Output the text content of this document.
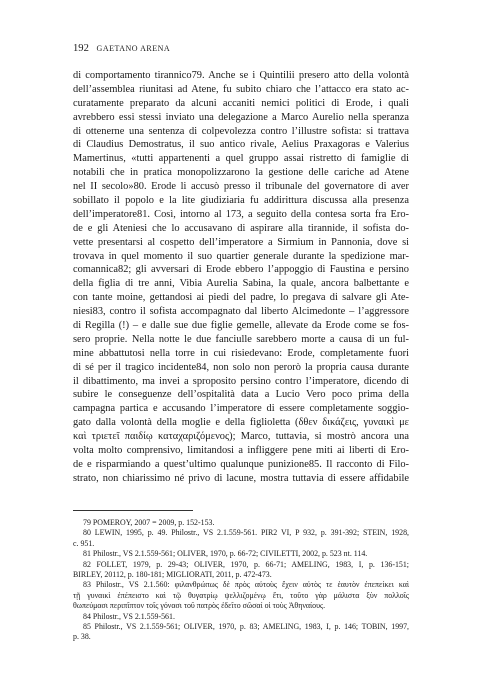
192 GAETANO ARENA
di comportamento tirannico79. Anche se i Quintilii presero atto della volontà
dell’assemblea riunitasi ad Atene, fu subito chiaro che l’attacco era stato ac-
curatamente preparato da alcuni accaniti nemici politici di Erode, i quali
avrebbero essi stessi inviato una delegazione a Marco Aurelio nella speranza
di ottenerne una sentenza di colpevolezza contro l’illustre sofista: si trattava
di Claudius Demostratus, il suo antico rivale, Aelius Praxagoras e Valerius
Mamertinus, «tutti appartenenti a quel gruppo assai ristretto di famiglie di
notabili che in pratica monopolizzarono la gestione delle cariche ad Atene
nel II secolo»80. Erode li accusò presso il tribunale del governatore di aver
sobillato il popolo e la lite giudiziaria fu addirittura discussa alla presenza
dell’imperatore81. Così, intorno al 173, a seguito della contesa sorta fra Ero-
de e gli Ateniesi che lo accusavano di aspirare alla tirannide, il sofista do-
vette presentarsi al cospetto dell’imperatore a Sirmium in Pannonia, dove si
trovava in quel momento il suo quartier generale durante la spedizione mar-
comannica82; gli avversari di Erode ebbero l’appoggio di Faustina e persino
della figlia di tre anni, Vibia Aurelia Sabina, la quale, ancora balbettante e
con tante moine, gettandosi ai piedi del padre, lo pregava di salvare gli Ate-
niesi83, contro il sofista accompagnato dal liberto Alcimedonte – l’aggressore
di Regilla (!) – e dalle sue due figlie gemelle, allevate da Erode come se fos-
sero proprie. Nella notte le due fanciulle sarebbero morte a causa di un ful-
mine abbattutosi nella torre in cui risiedevano: Erode, completamente fuori
di sé per il tragico incidente84, non solo non perorò la propria causa durante
il dibattimento, ma invei a sproposito persino contro l’imperatore, dicendo di
subire le conseguenze dell’ospitalità data a Lucio Vero poco prima della
campagna partica e accusando l’imperatore di essere completamente soggio-
gato dalla volontà della moglie e della figlioletta (δθεν δικάζεις, γυναικὶ με
καὶ τριετεῖ παιδίῳ καταχαριζόμενος); Marco, tuttavia, si mostrò ancora una
volta molto comprensivo, limitandosi a infliggere pene miti ai liberti di Ero-
de e risparmiando a quest’ultimo qualunque punizione85. Il racconto di Filo-
strato, non chiarissimo né privo di lacune, mostra tuttavia di essere affidabile
79 POMEROY, 2007 = 2009, p. 152-153.
80 LEWIN, 1995, p. 49. Philostr., VS 2.1.559-561. PIR2 VI, P 932, p. 391-392; STEIN, 1928,
c. 951.
81 Philostr., VS 2.1.559-561; OLIVER, 1970, p. 66-72; CIVILETTI, 2002, p. 523 nt. 114.
82 FOLLET, 1979, p. 29-43; OLIVER, 1970, p. 66-71; AMELING, 1983, I, p. 136-151;
BIRLEY, 20112, p. 180-181; MIGLIORATI, 2011, p. 472-473.
83 Philostr., VS 2.1.560: φιλανθρώπως δὲ πρὸς αὐτοὺς ἔχειν αὐτὸς τε ἑαυτὸν ἐπεπείκει καὶ
τῇ γυναικὶ ἐπέπειστο καὶ τῷ θυγατρίῳ ψελλιζομένῳ ἔτι, τοῦτο γὰρ μάλιστα ξὺν πολλοῖς
θωπεύμασι περιπῖπτον τοῖς γόνασι τοῦ πατρὸς ἐδεῖτο σῶσαί οἱ τοὺς Ἀθηναίους.
84 Philostr., VS 2.1.559-561.
85 Philostr., VS 2.1.559-561; OLIVER, 1970, p. 83; AMELING, 1983, I, p. 146; TOBIN, 1997,
p. 38.
